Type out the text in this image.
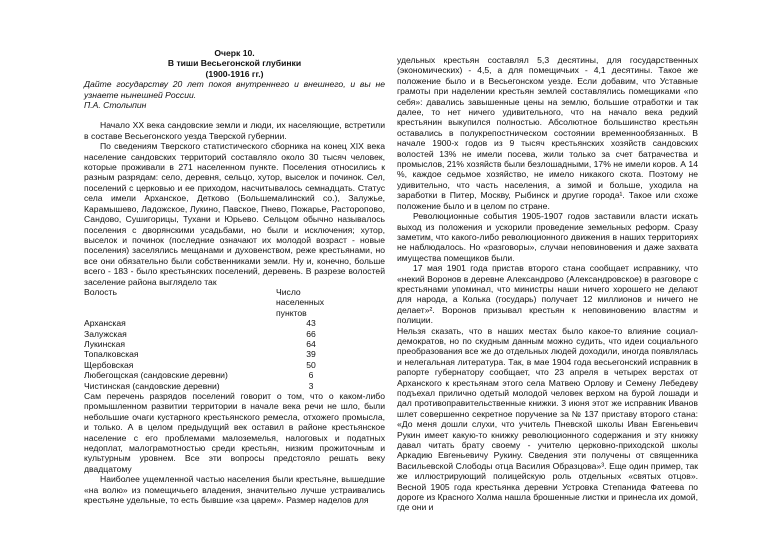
Очерк 10.

В тиши Весьегонской глубинки

(1900-1916 гг.)

Дайте государству 20 лет покоя внутреннего и внешнего, и вы не узнаете нынешней России.

П.А. Столыпин

Начало XX века сандовские земли и люди, их населяющие, встретили в составе Весьегонского уезда Тверской губернии.

По сведениям Тверского статистического сборника на конец XIX века население сандовских территорий составляло около 30 тысяч человек, которые проживали в 271 населенном пункте. Поселения относились к разным разрядам: село, деревня, сельцо, хутор, выселок и починок. Сел, поселений с церковью и ее приходом, насчитывалось семнадцать. Статус села имели Арханское, Детково (Большемалинский со.), Залужье, Карамышево, Ладожское, Лукино, Павское, Пнево, Пожарье, Расторопово, Сандово, Сушигорицы, Тухани и Юрьево. Сельцом обычно называлось поселения с дворянскими усадьбами, но были и исключения; хутор, выселок и починок (последние означают их молодой возраст - новые поселения) заселялись мещанами и духовенством, реже крестьянами, но все они обязательно были собственниками земли. Ну и, конечно, больше всего - 183 - было крестьянских поселений, деревень. В разрезе волостей заселение района выглядело так

Волость	Число населенных пунктов
Арханская	43
Залужская	66
Лукинская	64
Топалковская	39
Щербовская	50
Любегощская (сандовские деревни)	6
Чистинская (сандовские деревни)	3

Сам перечень разрядов поселений говорит о том, что о каком-либо промышленном развитии территории в начале века речи не шло, были небольшие очаги кустарного крестьянского ремесла, отхожего промысла, и только. А в целом предыдущий век оставил в районе крестьянское население с его проблемами малоземелья, налоговых и податных недоплат, малограмотностью среди крестьян, низким прожиточным и культурным уровнем. Все эти вопросы предстояло решать веку двадцатому

Наиболее ущемленной частью населения были крестьяне, вышедшие «на волю» из помещичьего владения, значительно лучше устраивались крестьяне удельные, то есть бывшие «за царем». Размер наделов для

удельных крестьян составлял 5,3 десятины, для государственных (экономических) - 4,5, а для помещичьих - 4,1 десятины. Такое же положение было и в Весьегонском уезде. Если добавим, что Уставные грамоты при наделении крестьян землей составлялись помещиками «по себя»: давались завышенные цены на землю, большие отработки и так далее, то нет ничего удивительного, что на начало века редкий крестьянин выкупился полностью. Абсолютное большинство крестьян оставались в полукрепостническом состоянии временнообязанных. В начале 1900-х годов из 9 тысяч крестьянских хозяйств сандовских волостей 13% не имели посева, жили только за счет батрачества и промыслов, 21% хозяйств были безлошадными, 17% не имели коров. А 14 %, каждое седьмое хозяйство, не имело никакого скота. Поэтому не удивительно, что часть населения, а зимой и больше, уходила на заработки в Питер, Москву, Рыбинск и другие города¹. Такое или схоже положение было и в целом по стране.

Революционные события 1905-1907 годов заставили власти искать выход из положения и ускорили проведение земельных реформ. Сразу заметим, что какого-либо революционного движения в наших территориях не наблюдалось. Но «разговоры», случаи неповиновения и даже захвата имущества помещиков были.

17 мая 1901 года пристав второго стана сообщает исправнику, что «некий Воронов в деревне Александрово (Александровское) в разговоре с крестьянами упоминал, что министры наши ничего хорошего не делают для народа, а Колька (государь) получает 12 миллионов и ничего не делает»². Воронов призывал крестьян к неповиновению властям и полиции.

Нельзя сказать, что в наших местах было какое-то влияние социал-демократов, но по скудным данным можно судить, что идеи социального преобразования все же до отдельных людей доходили, иногда появлялась и нелегальная литература. Так, в мае 1904 года весьегонский исправник в рапорте губернатору сообщает, что 23 апреля в четырех верстах от Арханского к крестьянам этого села Матвею Орлову и Семену Лебедеву подъехал прилично одетый молодой человек верхом на бурой лошади и дал противоправительственные книжки. 3 июня этот же исправник Иванов шлет совершенно секретное поручение за № 137 приставу второго стана: «До меня дошли слухи, что учитель Пневской школы Иван Евгеньевич Рукин имеет какую-то книжку революционного содержания и эту книжку давал читать брату своему - учителю церковно-приходской школы Аркадию Евгеньевичу Рукину. Сведения эти получены от священника Васильевской Слободы отца Василия Образцова»³. Еще один пример, так же иллюстрирующий полицейскую роль отдельных «святых отцов». Весной 1905 года крестьянка деревни Устровка Степанида Фатеева по дороге из Красного Холма нашла брошенные листки и принесла их домой, где они и
